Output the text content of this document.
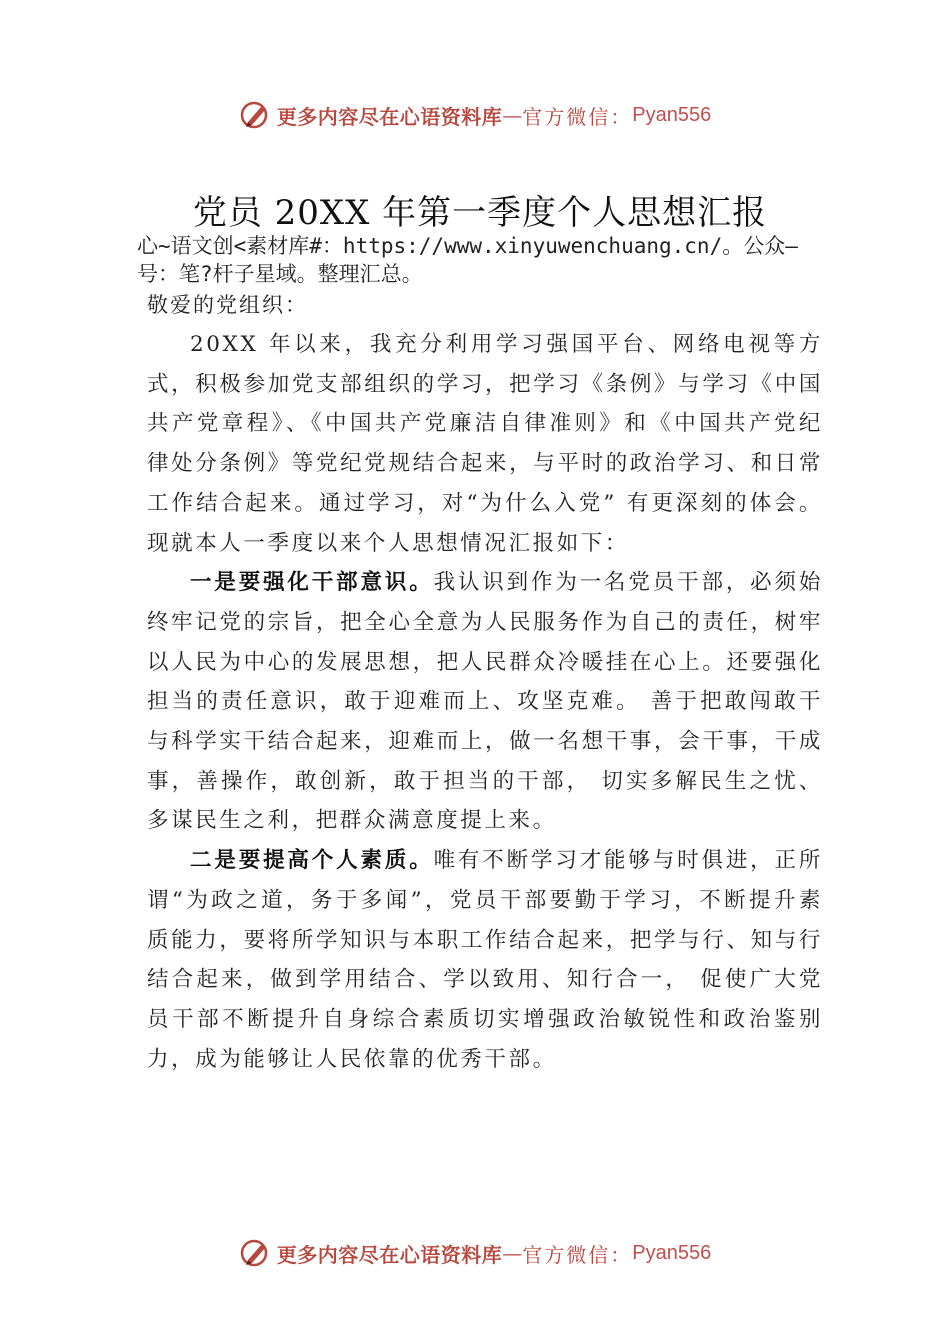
更多内容尽在心语资料库 — 官方微信： Pyan556
党员 20XX 年第一季度个人思想汇报
心~语文创<素材库#：https://www.xinyuwenchuang.cn/。公众—号：笔?杆子星域。整理汇总。
敬爱的党组织：

20XX 年以来，我充分利用学习强国平台、网络电视等方式，积极参加党支部组织的学习，把学习《条例》与学习《中国共产党章程》、《中国共产党廉洁自律准则》和《中国共产党纪律处分条例》等党纪党规结合起来，与平时的政治学习、和日常工作结合起来。通过学习，对“为什么入党” 有更深刻的体会。现就本人一季度以来个人思想情况汇报如下：

一是要强化干部意识。我认识到作为一名党员干部，必须始终牢记党的宗旨，把全心全意为人民服务作为自己的责任，树牢以人民为中心的发展思想，把人民群众冷暖挂在心上。还要强化担当的责任意识，敢于迎难而上、攻坚克难。 善于把敢闯敢干与科学实干结合起来，迎难而上，做一名想干事，会干事，干成事，善操作，敢创新，敢于担当的干部， 切实多解民生之忧、多谋民生之利，把群众满意度提上来。

二是要提高个人素质。唯有不断学习才能够与时俱进，正所谓“为政之道，务于多闻”，党员干部要勤于学习，不断提升素质能力，要将所学知识与本职工作结合起来，把学与行、知与行结合起来，做到学用结合、学以致用、知行合一， 促使广大党员干部不断提升自身综合素质切实增强政治敏锐性和政治鉴别力，成为能够让人民依靠的优秀干部。

更多内容尽在心语资料库 — 官方微信： Pyan556
